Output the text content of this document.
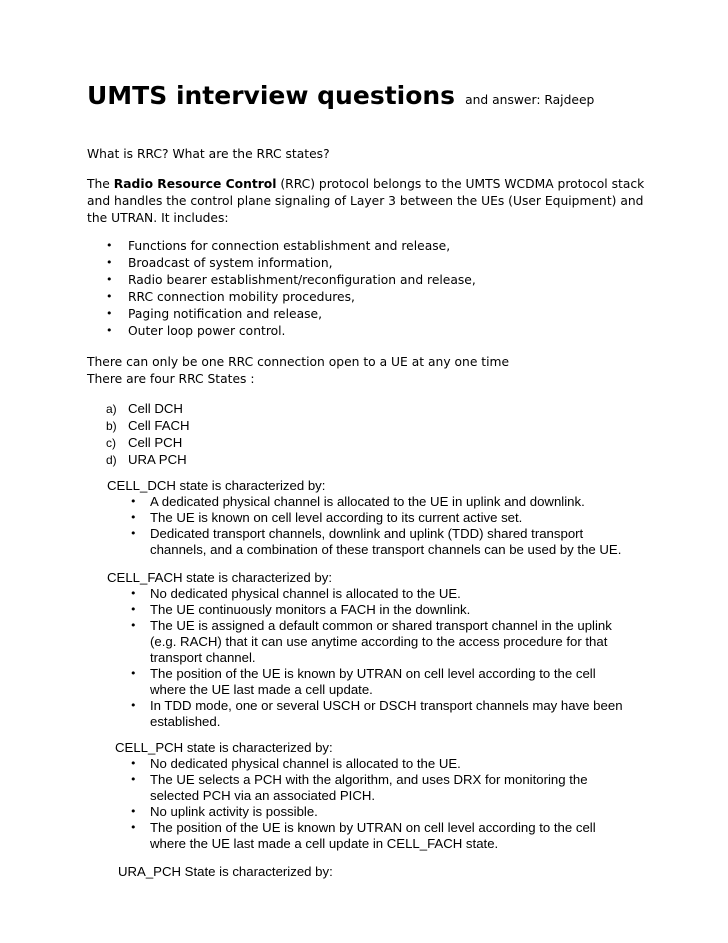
UMTS interview questions and answer: Rajdeep
What is RRC? What are the RRC states?
The Radio Resource Control (RRC) protocol belongs to the UMTS WCDMA protocol stack
and handles the control plane signaling of Layer 3 between the UEs (User Equipment) and
the UTRAN. It includes:
• Functions for connection establishment and release,
• Broadcast of system information,
• Radio bearer establishment/reconfiguration and release,
• RRC connection mobility procedures,
• Paging notification and release,
• Outer loop power control.
There can only be one RRC connection open to a UE at any one time
There are four RRC States :
a) Cell DCH
b) Cell FACH
c) Cell PCH
d) URA PCH
CELL_DCH state is characterized by:
• A dedicated physical channel is allocated to the UE in uplink and downlink.
• The UE is known on cell level according to its current active set.
• Dedicated transport channels, downlink and uplink (TDD) shared transport
channels, and a combination of these transport channels can be used by the UE.
CELL_FACH state is characterized by:
• No dedicated physical channel is allocated to the UE.
• The UE continuously monitors a FACH in the downlink.
• The UE is assigned a default common or shared transport channel in the uplink
(e.g. RACH) that it can use anytime according to the access procedure for that
transport channel.
• The position of the UE is known by UTRAN on cell level according to the cell
where the UE last made a cell update.
• In TDD mode, one or several USCH or DSCH transport channels may have been
established.
CELL_PCH state is characterized by:
• No dedicated physical channel is allocated to the UE.
• The UE selects a PCH with the algorithm, and uses DRX for monitoring the
selected PCH via an associated PICH.
• No uplink activity is possible.
• The position of the UE is known by UTRAN on cell level according to the cell
where the UE last made a cell update in CELL_FACH state.
URA_PCH State is characterized by:
